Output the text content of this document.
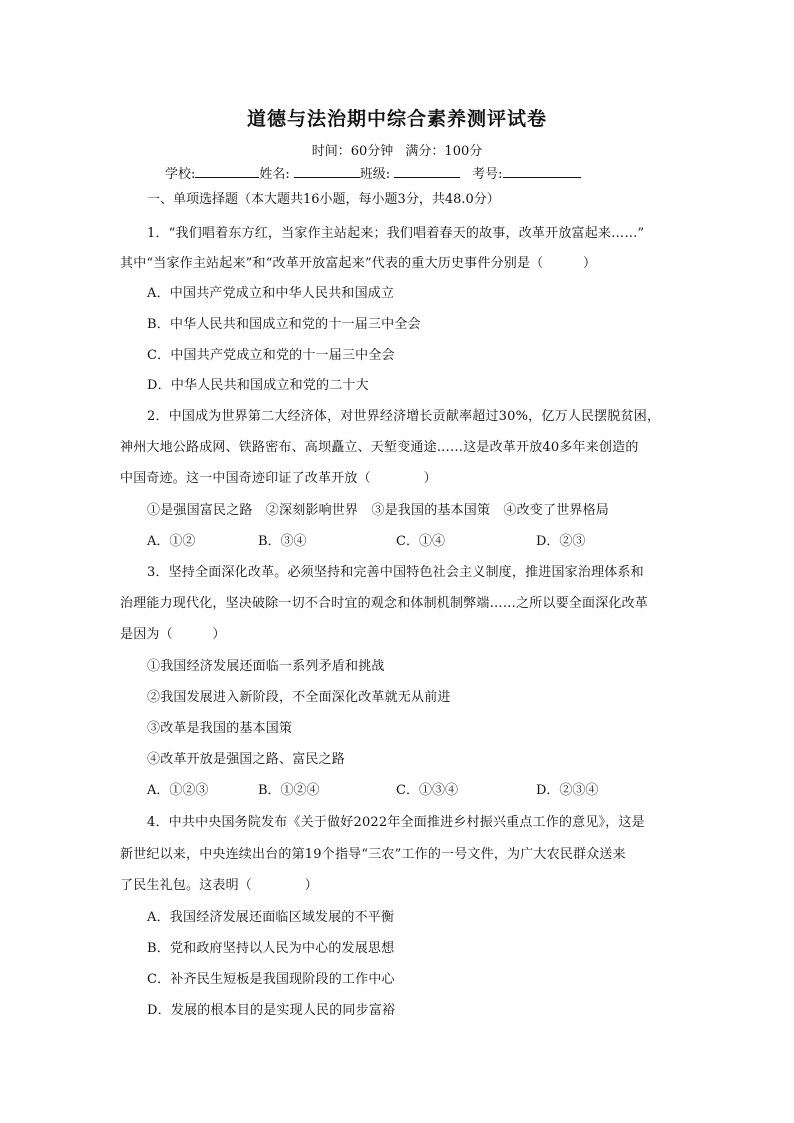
道德与法治期中综合素养测评试卷
时间：60分钟 满分：100分
学校:	姓名:	班级:	考号:
一、单项选择题（本大题共16小题，每小题3分，共48.0分）
1．“我们唱着东方红，当家作主站起来；我们唱着春天的故事，改革开放富起来……”
其中“当家作主站起来”和“改革开放富起来”代表的重大历史事件分别是（　　　）
A．中国共产党成立和中华人民共和国成立
B．中华人民共和国成立和党的十一届三中全会
C．中国共产党成立和党的十一届三中全会
D．中华人民共和国成立和党的二十大
2．中国成为世界第二大经济体，对世界经济增长贡献率超过30%，亿万人民摆脱贫困，
神州大地公路成网、铁路密布、高坝矗立、天堑变通途……这是改革开放40多年来创造的
中国奇迹。这一中国奇迹印证了改革开放（　　　　）
①是强国富民之路　②深刻影响世界　③是我国的基本国策　④改变了世界格局
A．①②	B．③④	C．①④	D．②③
3．坚持全面深化改革。必须坚持和完善中国特色社会主义制度，推进国家治理体系和
治理能力现代化，坚决破除一切不合时宜的观念和体制机制弊端……之所以要全面深化改革
是因为（　　　）
①我国经济发展还面临一系列矛盾和挑战
②我国发展进入新阶段，不全面深化改革就无从前进
③改革是我国的基本国策
④改革开放是强国之路、富民之路
A．①②③	B．①②④	C．①③④	D．②③④
4．中共中央国务院发布《关于做好2022年全面推进乡村振兴重点工作的意见》，这是
新世纪以来，中央连续出台的第19个指导“三农”工作的一号文件，为广大农民群众送来
了民生礼包。这表明（　　　　）
A．我国经济发展还面临区域发展的不平衡
B．党和政府坚持以人民为中心的发展思想
C．补齐民生短板是我国现阶段的工作中心
D．发展的根本目的是实现人民的同步富裕
